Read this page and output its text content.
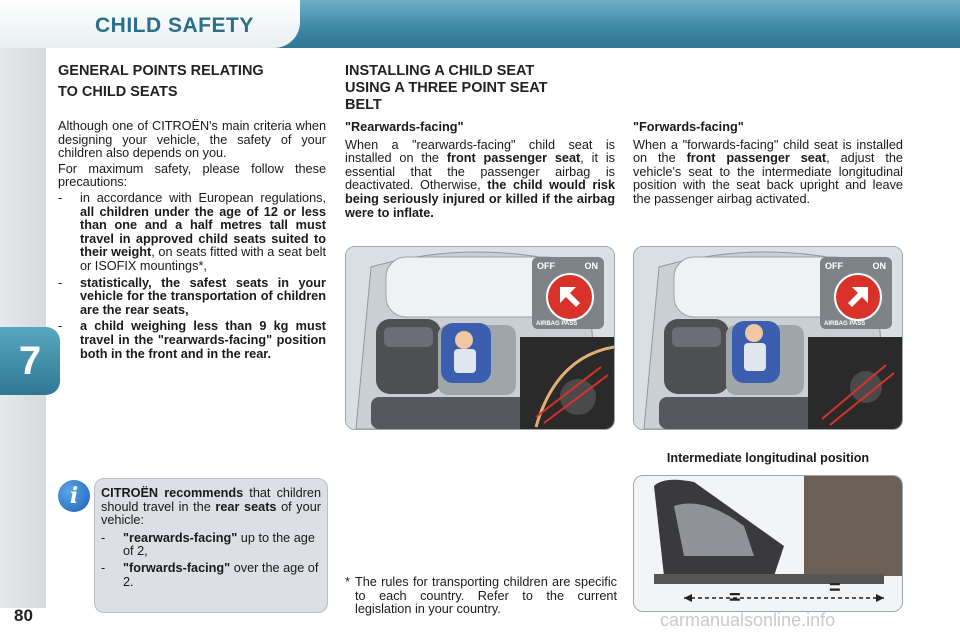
CHILD SAFETY
7
80
GENERAL POINTS RELATING
TO CHILD SEATS

Although one of CITROËN's main criteria when designing your vehicle, the safety of your children also depends on you.

For maximum safety, please follow these precautions:

-	in accordance with European regulations, all children under the age of 12 or less than one and a half metres tall must travel in approved child seats suited to their weight, on seats fitted with a seat belt or ISOFIX mountings*,
-	statistically, the safest seats in your vehicle for the transportation of children are the rear seats,
-	a child weighing less than 9 kg must travel in the "rearwards-facing" position both in the front and in the rear.
i	CITROËN recommends that children should travel in the rear seats of your vehicle:

-	"rearwards-facing" up to the age of 2,
-	"forwards-facing" over the age of 2.
INSTALLING A CHILD SEAT
USING A THREE POINT SEAT
BELT

"Rearwards-facing"

When a "rearwards-facing" child seat is installed on the front passenger seat, it is essential that the passenger airbag is deactivated. Otherwise, the child would risk being seriously injured or killed if the airbag were to inflate.

"Forwards-facing"

When a "forwards-facing" child seat is installed on the front passenger seat, adjust the vehicle's seat to the intermediate longitudinal position with the seat back upright and leave the passenger airbag activated.

OFF	ON
AIRBAG PASS
OFF	ON
AIRBAG PASS
Intermediate longitudinal position
=	=
* The rules for transporting children are specific to each country. Refer to the current legislation in your country.
carmanualsonline.info
